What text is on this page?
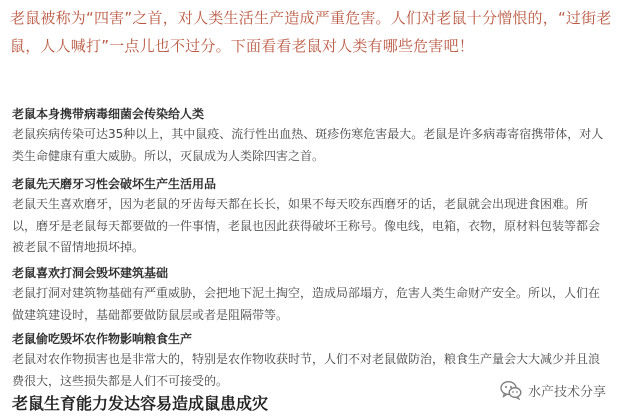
老鼠被称为“四害”之首，对人类生活生产造成严重危害。人们对老鼠十分憎恨的，“过街老鼠，人人喊打”一点儿也不过分。下面看看老鼠对人类有哪些危害吧！
老鼠本身携带病毒细菌会传染给人类
老鼠疾病传染可达35种以上，其中鼠疫、流行性出血热、斑疹伤寒危害最大。老鼠是许多病毒寄宿携带体，对人类生命健康有重大威胁。所以，灭鼠成为人类除四害之首。
老鼠先天磨牙习性会破坏生产生活用品
老鼠天生喜欢磨牙，因为老鼠的牙齿每天都在长长，如果不每天咬东西磨牙的话，老鼠就会出现进食困难。所以，磨牙是老鼠每天都要做的一件事情，老鼠也因此获得破坏王称号。像电线，电箱，衣物，原材料包装等都会被老鼠不留情地损坏掉。
老鼠喜欢打洞会毁坏建筑基础
老鼠打洞对建筑物基础有严重威胁，会把地下泥土掏空，造成局部塌方，危害人类生命财产安全。所以，人们在做建筑建设时，基础都要做防鼠层或者是阻隔带等。
老鼠偷吃毁坏农作物影响粮食生产
老鼠对农作物损害也是非常大的，特别是农作物收获时节，人们不对老鼠做防治，粮食生产量会大大减少并且浪费很大，这些损失都是人们不可接受的。
老鼠生育能力发达容易造成鼠患成灾
水产技术分享
